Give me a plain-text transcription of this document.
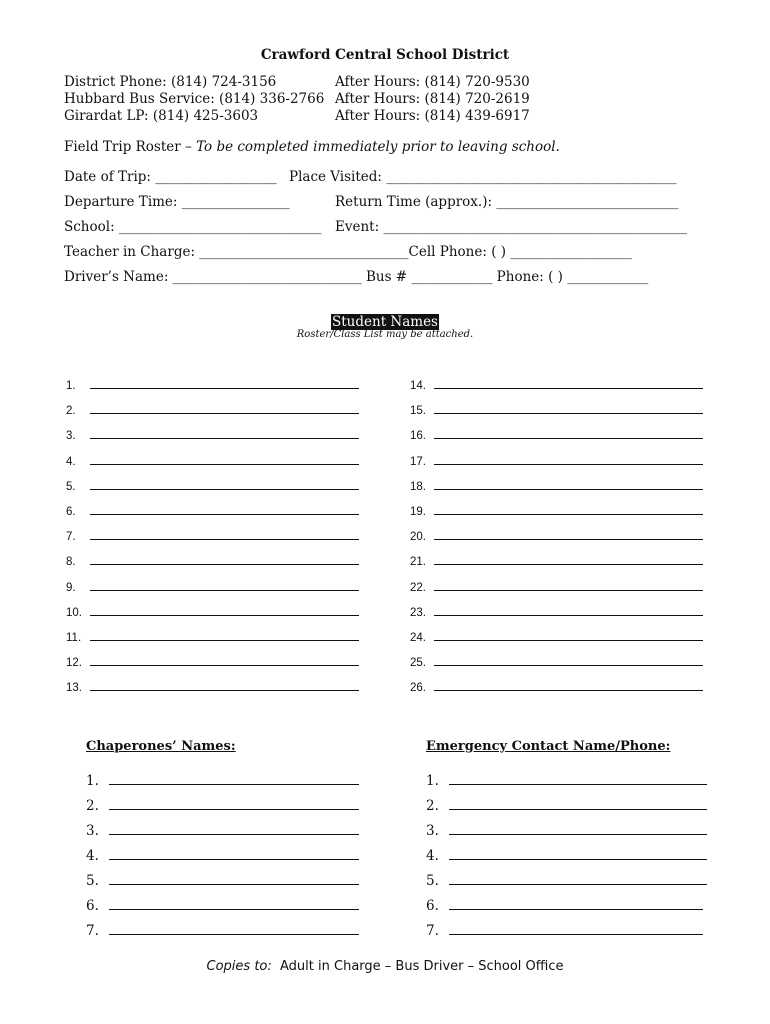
Crawford Central School District
District Phone: (814) 724-3156
Hubbard Bus Service: (814) 336-2766
Girardat LP: (814) 425-3603
After Hours: (814) 720-9530
After Hours: (814) 720-2619
After Hours: (814) 439-6917
Field Trip Roster – To be completed immediately prior to leaving school.
Date of Trip: __________________ Place Visited: ___________________________________________
Departure Time: ________________	Return Time (approx.): ___________________________
School: ______________________________ Event: _____________________________________________
Teacher in Charge: _______________________________Cell Phone: ( ) __________________
Driver’s Name: ____________________________ Bus # ____________ Phone: ( ) ____________
Student Names
Roster/Class List may be attached.
1.
2.
3.
4.
5.
6.
7.
8.
9.
10.
11.
12.
13.
14.
15.
16.
17.
18.
19.
20.
21.
22.
23.
24.
25.
26.
Chaperones’ Names:	Emergency Contact Name/Phone:
1.
2.
3.
4.
5.
6.
7.
1.
2.
3.
4.
5.
6.
7.
Copies to: Adult in Charge – Bus Driver – School Office
